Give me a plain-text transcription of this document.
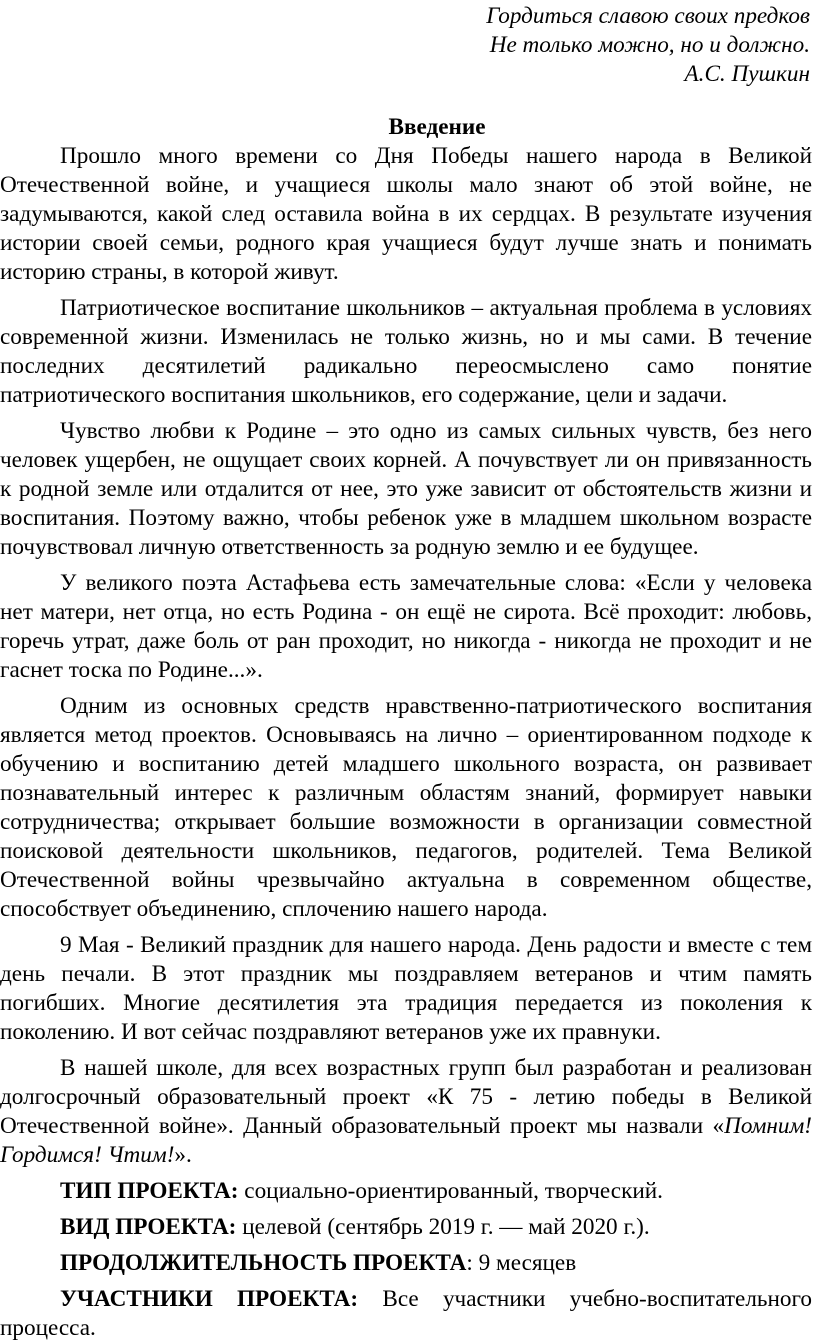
Гордиться славою своих предков
Не только можно, но и должно.
А.С. Пушкин
Введение

Прошло много времени со Дня Победы нашего народа в Великой Отечественной войне, и учащиеся школы мало знают об этой войне, не задумываются, какой след оставила война в их сердцах. В результате изучения истории своей семьи, родного края учащиеся будут лучше знать и понимать историю страны, в которой живут.

Патриотическое воспитание школьников – актуальная проблема в условиях современной жизни. Изменилась не только жизнь, но и мы сами. В течение последних десятилетий радикально переосмыслено само понятие патриотического воспитания школьников, его содержание, цели и задачи.

Чувство любви к Родине – это одно из самых сильных чувств, без него человек ущербен, не ощущает своих корней. А почувствует ли он привязанность к родной земле или отдалится от нее, это уже зависит от обстоятельств жизни и воспитания. Поэтому важно, чтобы ребенок уже в младшем школьном возрасте почувствовал личную ответственность за родную землю и ее будущее.

У великого поэта Астафьева есть замечательные слова: «Если у человека нет матери, нет отца, но есть Родина - он ещё не сирота. Всё проходит: любовь, горечь утрат, даже боль от ран проходит, но никогда - никогда не проходит и не гаснет тоска по Родине...».

Одним из основных средств нравственно-патриотического воспитания является метод проектов. Основываясь на лично – ориентированном подходе к обучению и воспитанию детей младшего школьного возраста, он развивает познавательный интерес к различным областям знаний, формирует навыки сотрудничества; открывает большие возможности в организации совместной поисковой деятельности школьников, педагогов, родителей. Тема Великой Отечественной войны чрезвычайно актуальна в современном обществе, способствует объединению, сплочению нашего народа.

9 Мая - Великий праздник для нашего народа. День радости и вместе с тем день печали. В этот праздник мы поздравляем ветеранов и чтим память погибших. Многие десятилетия эта традиция передается из поколения к поколению. И вот сейчас поздравляют ветеранов уже их правнуки.

В нашей школе, для всех возрастных групп был разработан и реализован долгосрочный образовательный проект «К 75 - летию победы в Великой Отечественной войне». Данный образовательный проект мы назвали «Помним! Гордимся! Чтим!».

ТИП ПРОЕКТА: социально-ориентированный, творческий.

ВИД ПРОЕКТА: целевой (сентябрь 2019 г. — май 2020 г.).

ПРОДОЛЖИТЕЛЬНОСТЬ ПРОЕКТА: 9 месяцев

УЧАСТНИКИ ПРОЕКТА: Все участники учебно-воспитательного процесса.
